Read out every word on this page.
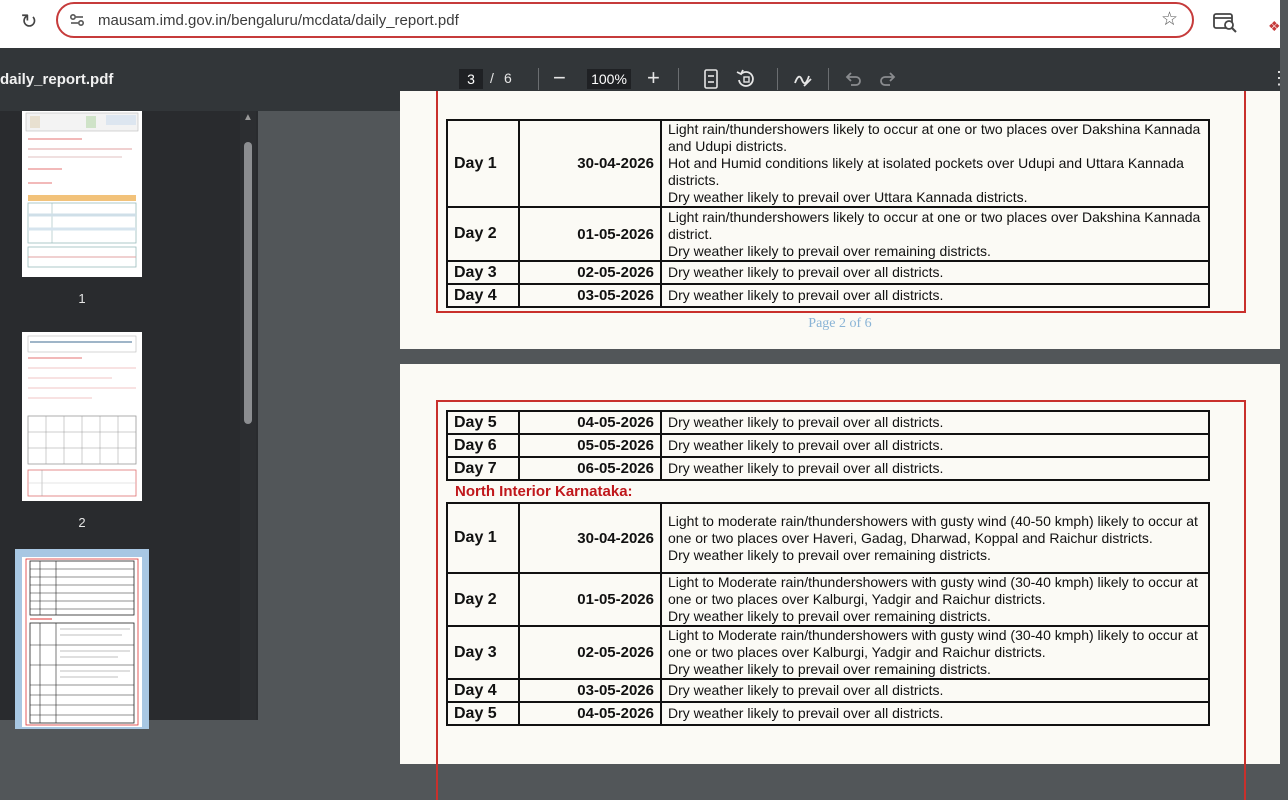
↻	mausam.imd.gov.in/bengaluru/mcdata/daily_report.pdf	☆	❖
daily_report.pdf	3	/ 6 − 100% +	⋮
1
2
▲
Day 1	30-04-2026	Light rain/thundershowers likely to occur at one or two places over Dakshina Kannada and Udupi districts.
Hot and Humid conditions likely at isolated pockets over Udupi and Uttara Kannada districts.
Dry weather likely to prevail over Uttara Kannada districts.
Day 2	01-05-2026	Light rain/thundershowers likely to occur at one or two places over Dakshina Kannada district.
Dry weather likely to prevail over remaining districts.
Day 3	02-05-2026	Dry weather likely to prevail over all districts.
Day 4	03-05-2026	Dry weather likely to prevail over all districts.
Page 2 of 6
Day 5	04-05-2026	Dry weather likely to prevail over all districts.
Day 6	05-05-2026	Dry weather likely to prevail over all districts.
Day 7	06-05-2026	Dry weather likely to prevail over all districts.
North Interior Karnataka:
Day 1	30-04-2026	Light to moderate rain/thundershowers with gusty wind (40-50 kmph) likely to occur at one or two places over Haveri, Gadag, Dharwad, Koppal and Raichur districts.
Dry weather likely to prevail over remaining districts.
Day 2	01-05-2026	Light to Moderate rain/thundershowers with gusty wind (30-40 kmph) likely to occur at one or two places over Kalburgi, Yadgir and Raichur districts.
Dry weather likely to prevail over remaining districts.
Day 3	02-05-2026	Light to Moderate rain/thundershowers with gusty wind (30-40 kmph) likely to occur at one or two places over Kalburgi, Yadgir and Raichur districts.
Dry weather likely to prevail over remaining districts.
Day 4	03-05-2026	Dry weather likely to prevail over all districts.
Day 5	04-05-2026	Dry weather likely to prevail over all districts.
